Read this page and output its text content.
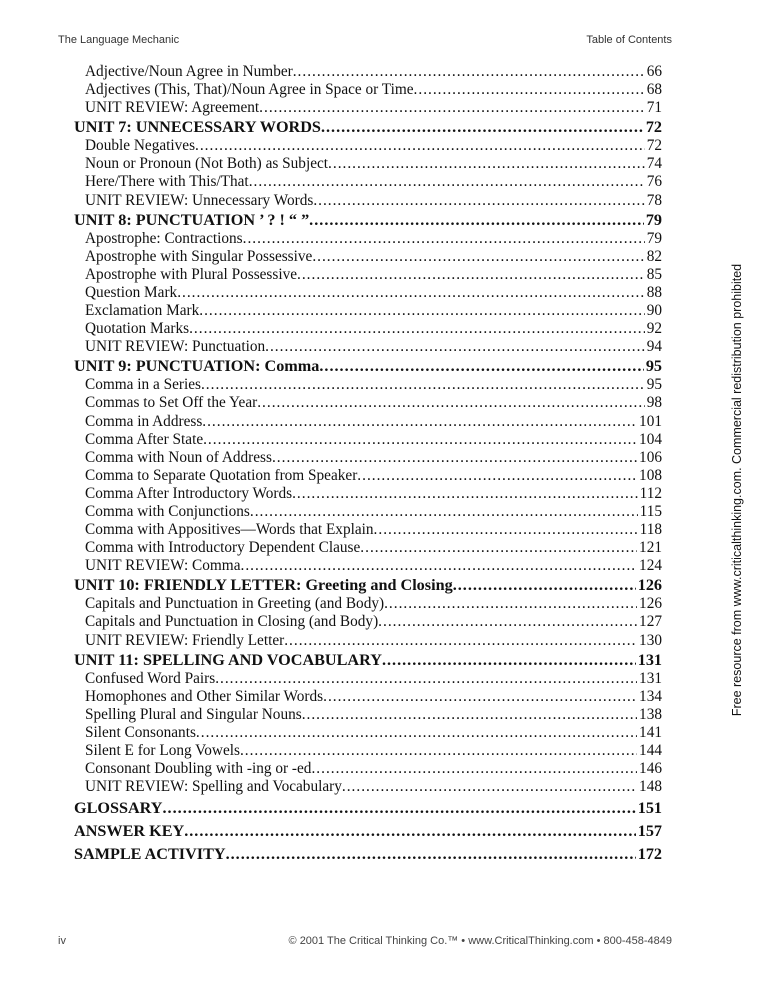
The Language Mechanic	Table of Contents
Adjective/Noun Agree in Number .....	66
Adjectives (This, That)/Noun Agree in Space or Time .....	68
UNIT REVIEW: Agreement .....	71
UNIT 7: UNNECESSARY WORDS .....	72
Double Negatives .....	72
Noun or Pronoun (Not Both) as Subject .....	74
Here/There with This/That .....	76
UNIT REVIEW: Unnecessary Words .....	78
UNIT 8: PUNCTUATION ’ ? ! “ ” .....	79
Apostrophe: Contractions .....	79
Apostrophe with Singular Possessive .....	82
Apostrophe with Plural Possessive .....	85
Question Mark .....	88
Exclamation Mark .....	90
Quotation Marks .....	92
UNIT REVIEW: Punctuation .....	94
UNIT 9: PUNCTUATION: Comma .....	95
Comma in a Series .....	95
Commas to Set Off the Year .....	98
Comma in Address .....	101
Comma After State .....	104
Comma with Noun of Address .....	106
Comma to Separate Quotation from Speaker .....	108
Comma After Introductory Words .....	112
Comma with Conjunctions .....	115
Comma with Appositives—Words that Explain .....	118
Comma with Introductory Dependent Clause .....	121
UNIT REVIEW: Comma .....	124
UNIT 10: FRIENDLY LETTER: Greeting and Closing .....	126
Capitals and Punctuation in Greeting (and Body) .....	126
Capitals and Punctuation in Closing (and Body) .....	127
UNIT REVIEW: Friendly Letter .....	130
UNIT 11: SPELLING AND VOCABULARY .....	131
Confused Word Pairs .....	131
Homophones and Other Similar Words .....	134
Spelling Plural and Singular Nouns .....	138
Silent Consonants .....	141
Silent E for Long Vowels .....	144
Consonant Doubling with -ing or -ed .....	146
UNIT REVIEW: Spelling and Vocabulary .....	148
GLOSSARY .....	151
ANSWER KEY .....	157
SAMPLE ACTIVITY .....	172
Free resource from www.criticalthinking.com. Commercial redistribution prohibited
iv	© 2001 The Critical Thinking Co.™ • www.CriticalThinking.com • 800-458-4849
